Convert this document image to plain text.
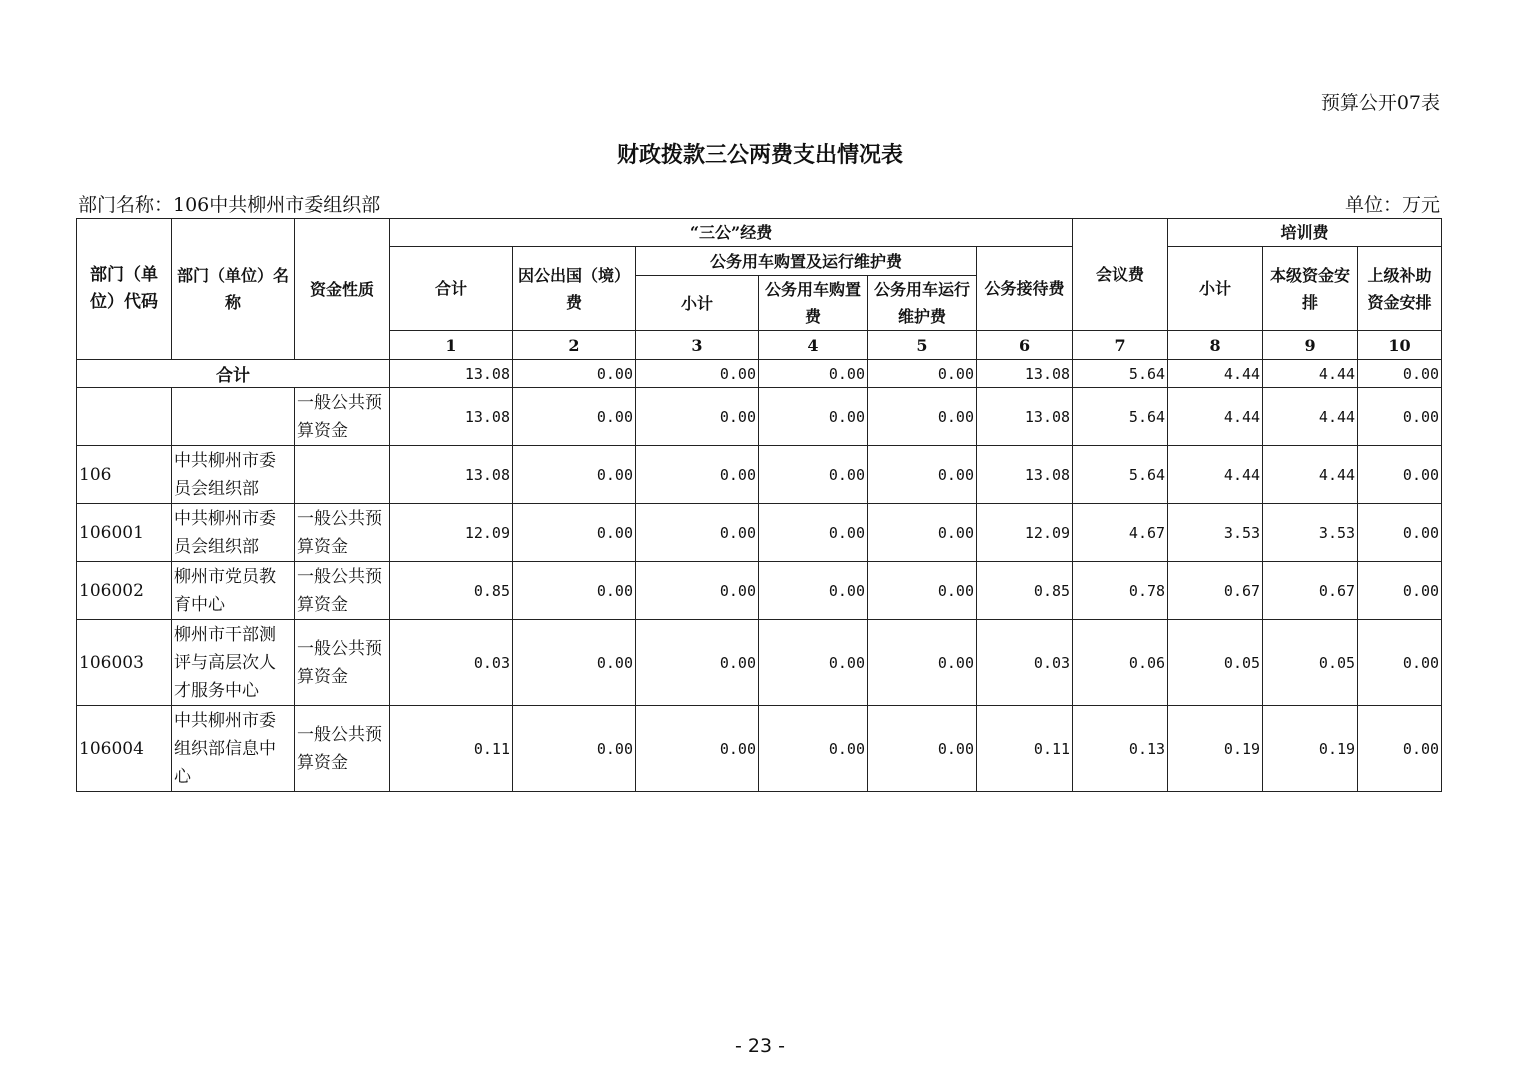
预算公开07表
财政拨款三公两费支出情况表
部门名称：106中共柳州市委组织部	单位：万元
部门（单位）代码	部门（单位）名称	资金性质	“三公”经费						会议费	培训费		
			合计	因公出国（境）费	公务用车购置及运行维护费			公务接待费		小计	本级资金安排	上级补助资金安排
					小计	公务用车购置费	公务用车运行维护费					
			1	2	3	4	5	6	7	8	9	10
合计			13.08	0.00	0.00	0.00	0.00	13.08	5.64	4.44	4.44	0.00
		一般公共预算资金	13.08	0.00	0.00	0.00	0.00	13.08	5.64	4.44	4.44	0.00
106	中共柳州市委员会组织部		13.08	0.00	0.00	0.00	0.00	13.08	5.64	4.44	4.44	0.00
106001	中共柳州市委员会组织部	一般公共预算资金	12.09	0.00	0.00	0.00	0.00	12.09	4.67	3.53	3.53	0.00
106002	柳州市党员教育中心	一般公共预算资金	0.85	0.00	0.00	0.00	0.00	0.85	0.78	0.67	0.67	0.00
106003	柳州市干部测评与高层次人才服务中心	一般公共预算资金	0.03	0.00	0.00	0.00	0.00	0.03	0.06	0.05	0.05	0.00
106004	中共柳州市委组织部信息中心	一般公共预算资金	0.11	0.00	0.00	0.00	0.00	0.11	0.13	0.19	0.19	0.00
- 23 -
